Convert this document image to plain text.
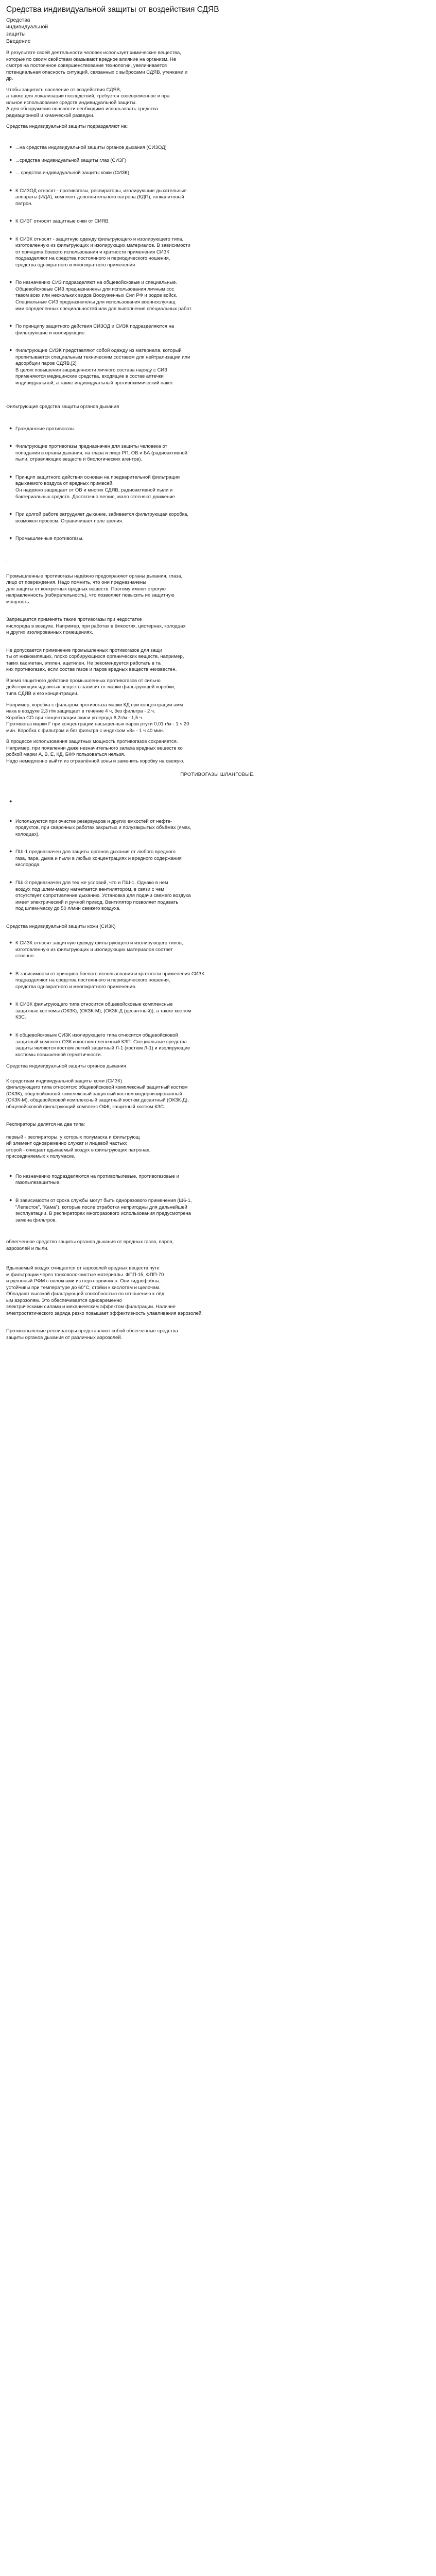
Средства индивидуальной защиты от воздействия СДЯВ
Средства
индивидуальной
защиты
Введение
В результате своей деятельности человек использует химические вещества,
которые по своим свойствам оказывают вредное влияние на организм. Не
смотря на постоянное совершенствование технологии, увеличивается
потенциальная опасность ситуаций, связанных с выбросами СДЯВ, утечками и
др.
Чтобы защитить население от воздействия СДЯВ,
а также для локализации последствий, требуется своевременное и пра
ильное использование средств индивидуальной защиты.
А для обнаружения опасности необходимо использовать средства
радиационной и химической разведки.
Средства индивидуальной защиты подразделяют на:
● ...на средства индивидуальной защиты органов дыхания (СИЗОД)
● ...средства индивидуальной защиты глаз (СИЗГ)
● ... средства индивидуальной защиты кожи (СИЗК).
● К СИЗОД относят - противогазы, респираторы, изолирующие дыхательные
аппараты (ИДА), комплект дополнительного патрона (КДП), гопкалитовый
патрон.
● К СИЗГ относят защитные очки от СИЯВ.
● К СИЗК относят - защитную одежду фильтрующего и изолирующего типа,
изготовленную из фильтрующих и изолирующих материалов. В зависимости
от принципа боевого использования и кратности применения СИЗК
подразделяют на средства постоянного и периодического ношения,
средства однократного и многократного применения
● По назначению СИЗ подразделяют на общевойсковые и специальные.
Общевойсковые СИЗ предназначены для использования личным сос
тавом всех или нескольких видов Вооруженных Сил РФ и родов войск.
Специальные СИЗ предназначены для использования военнослужащ
ими определенных специальностей или для выполнения специальных работ.
● По принципу защитного действия СИЗОД и СИЗК подразделяются на
фильтрующие и изолирующие.
● Фильтрующие СИЗК представляют собой одежду из материала, который
пропитывается специальным техническим составом для нейтрализации или
адсорбции паров СДЯВ.[2]
В целях повышения защищенности личного состава наряду с СИЗ
применяются медицинские средства, входящие в состав аптечки
индивидуальной, а также индивидуальный противохимический пакет.
Фильтрующие средства защиты органов дыхания
● Гражданские противогазы
● Фильтрующие противогазы предназначен для защиты человека от
попадания в органы дыхания, на глаза и лицо РП, ОВ и БА (радиоактивной
пыли, отравляющих веществ и биологических агентов).
● Принцип защитного действия основан на предварительной фильтрации
вдыхаемого воздуха от вредных примесей.
Он надежно защищает от ОВ и многих СДЯВ, радиоактивной пыли и
бактериальных средств. Достаточно легкие, мало стесняют движение.
● При долгой работе затрудняет дыхание, забивается фильтрующая коробка,
возможен прососм. Ограничивает поле зрения.
● Промышленные противогазы.
.
Промышленные противогазы надёжно предохраняют органы дыхания, глаза,
лицо от повреждения. Надо помнить, что они предназначены
для защиты от конкретных вредных веществ. Поэтому имеют строгую
направленность (избирательность), что позволяет повысить их защитную
мощность.
Запрещается применять такие противогазы при недостатке
кислорода в воздухе. Например, при работах в ёмкостях, цистернах, колодцах
и других изолированных помещениях.
Не допускается применение промышленных противогазов для защи
ты от низкокипящих, плохо сорбирующихся органических веществ, например,
таких как метан, этилен, ацетилен. Не рекомендуется работать в та
ких противогазах, если состав газов и паров вредных веществ неизвестен.
Время защитного действия промышленных противогазов от сильно
действующих ядовитых веществ зависит от марки фильтрующей коробки,
типа СДЯВ и его концентрации.
Например, коробка с фильтром противогаза марки КД при концентрации амм
иака в воздухе 2,3 г/м защищает в течение 4 ч, без фильтра - 2 ч.
Коробка CO при концентрации окиси углерода 6,2г/м - 1,5 ч.
Противогаз марки Г при концентрации насыщенных паров ртути 0,01 г/м - 1 ч 20
мин. Коробка с фильтром и без фильтра с индексом «8» - 1 ч 40 мин.
В процессе использования защитных мощность противогазов сохраняется.
Например, при появлении даже незначительного запаха вредных веществ ко
робкой марки А, В, Е, КД, БКФ пользоваться нельзя.
Надо немедленно выйти из отравлённой зоны и заменить коробку на свежую.
ПРОТИВОГАЗЫ ШЛАНГОВЫЕ.
●
● Используются при очистке резервуаров и других емкостей от нефте-
продуктов, при сварочных работах закрытых и полузакрытых объёмах (ямах,
колодцах).
● ПШ-1 предназначен для защиты органов дыхания от любого вредного
газа, пара, дыма и пыли в любых концентрациях и вредного содержания
кислорода.
● ПШ-2 предназначен для тех же условий, что и ПШ-1. Однако в нем
воздух под шлем-маску нагнетается вентилятором, в связи с чем
отсутствует сопротивление дыханию. Установка для подачи свежего воздуха
имеет электрический и ручной привод. Вентилятор позволяет подавать
под шлем-маску до 50 л/мин свежего воздуха.
Средства индивидуальной защиты кожи (СИЗК)
● К СИЗК относят защитную одежду фильтрующего и изолирующего типов,
изготовленную из фильтрующих и изолирующих материалов соответ
ственно.
● В зависимости от принципа боевого использования и кратности применения СИЗК
подразделяют на средства постоянного и периодического ношения,
средства однократного и многократного применения.
● К СИЗК фильтрующего типа относится общевойсковые комплексные
защитные костюмы (ОКЗК), (ОКЗК-М), (ОКЗК-Д (десантный)), а также костюм
КЗС.
● К общевойсковым СИЗК изолирующего типа относится общевойсковой
защитный комплект ОЗК и костюм пленочный КЗП. Специальные средства
защиты являются костюм легкий защитный Л-1 (костюм Л-1) и изолирующие
костюмы повышенной герметичности.
Средства индивидуальной защиты органов дыхания
К средствам индивидуальной защиты кожи (СИЗК)
фильтрующего типа относятся: общевойсковой комплексный защитный костюм
(ОКЗК), общевойсковой комплексный защитный костюм модернизированный
(ОКЗК-М), общевойсковой комплексный защитный костюм десантный (ОКЗК-Д),
общевойсковой фильтрующий комплекс ОФК, защитный костюм КЗС.
Респираторы делятся на два типа:
первый - респираторы, у которых полумаска и фильтрующ
ий элемент одновременно служат и лицевой частью;
второй - очищает вдыхаемый воздух в фильтрующих патронах,
присоединяемых к полумаске.
● По назначению подразделяются на противопылевые, противогазовые и
газопылезащитные.
● В зависимости от срока службы могут быть одноразового применения (Ш6-1,
"Лепесток", "Кама"), которые после отработки непригодны для дальнейшей
эксплуатации. В респираторах многоразового использования предусмотрена
замена фильтров.
облегченное средство защиты органов дыхания от вредных газов, паров,
аэрозолей и пыли.
Вдыхаемый воздух очищается от аэрозолей вредных веществ путе
м фильтрации через тонковолокнистые материалы. ФПП-15, ФПП-70
и рулонный РФМ с волокнами из перхлорвинила. Они гидрофобны,
устойчивы при температуре до 60°C, стойки к кислотам и щелочам.
Обладают высокой фильтрующей способностью по отношению к лёд
ым аэрозолям. Это обеспечивается одновременно
электрическими силами и механическим эффектом фильтрации. Наличие
электростатического заряда резко повышает эффективность улавливания аэрозолей.
Противопылевые респираторы представляют собой облегченные средства
защиты органов дыхания от различных аэрозолей.
